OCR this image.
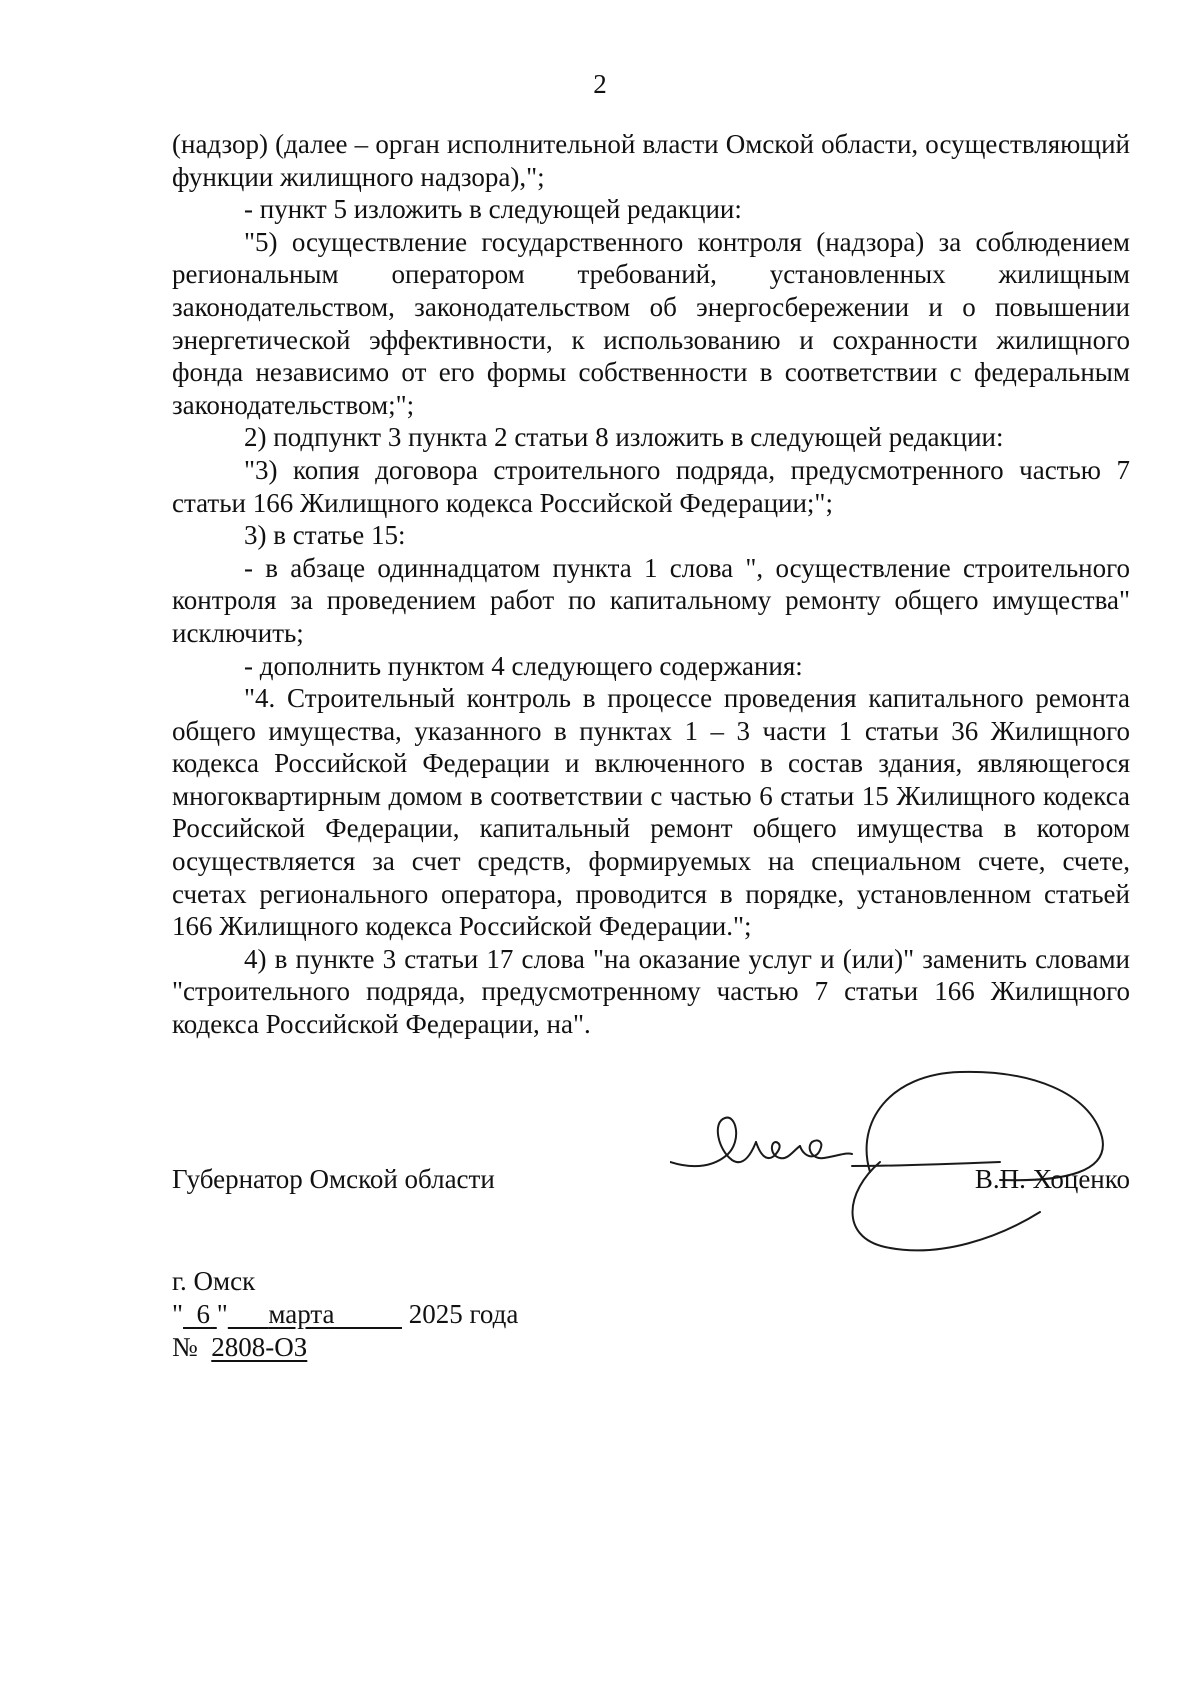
2

(надзор) (далее – орган исполнительной власти Омской области, осуществляющий функции жилищного надзора),";

- пункт 5 изложить в следующей редакции:

"5) осуществление государственного контроля (надзора) за соблюдением региональным оператором требований, установленных жилищным законодательством, законодательством об энергосбережении и о повышении энергетической эффективности, к использованию и сохранности жилищного фонда независимо от его формы собственности в соответствии с федеральным законодательством;";

2) подпункт 3 пункта 2 статьи 8 изложить в следующей редакции:

"3) копия договора строительного подряда, предусмотренного частью 7 статьи 166 Жилищного кодекса Российской Федерации;";

3) в статье 15:

- в абзаце одиннадцатом пункта 1 слова ", осуществление строительного контроля за проведением работ по капитальному ремонту общего имущества" исключить;

- дополнить пунктом 4 следующего содержания:

"4. Строительный контроль в процессе проведения капитального ремонта общего имущества, указанного в пунктах 1 – 3 части 1 статьи 36 Жилищного кодекса Российской Федерации и включенного в состав здания, являющегося многоквартирным домом в соответствии с частью 6 статьи 15 Жилищного кодекса Российской Федерации, капитальный ремонт общего имущества в котором осуществляется за счет средств, формируемых на специальном счете, счете, счетах регионального оператора, проводится в порядке, установленном статьей 166 Жилищного кодекса Российской Федерации.";

4) в пункте 3 статьи 17 слова "на оказание услуг и (или)" заменить словами "строительного подряда, предусмотренному частью 7 статьи 166 Жилищного кодекса Российской Федерации, на".

Губернатор Омской области	В.П. Хоценко
г. Омск
" 6 " марта	2025 года
№ 2808-ОЗ
